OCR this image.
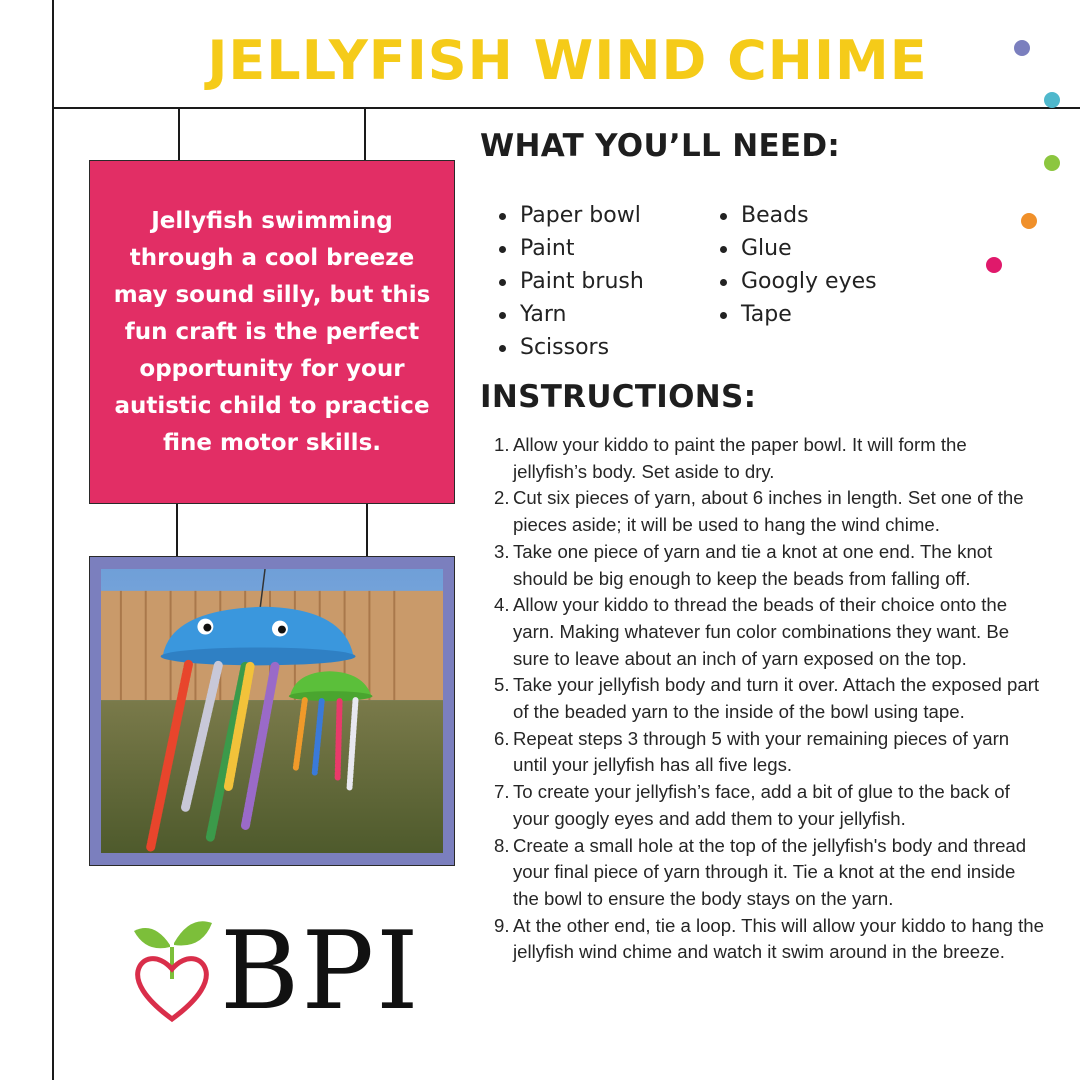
JELLYFISH WIND CHIME

Jellyfish swimming through a cool breeze may sound silly, but this fun craft is the perfect opportunity for your autistic child to practice fine motor skills.

BPI
WHAT YOU’LL NEED:
Paper bowl
Paint
Paint brush
Yarn
Scissors
Beads
Glue
Googly eyes
Tape
INSTRUCTIONS:
1. Allow your kiddo to paint the paper bowl. It will form the jellyfish’s body. Set aside to dry.
2. Cut six pieces of yarn, about 6 inches in length. Set one of the pieces aside; it will be used to hang the wind chime.
3. Take one piece of yarn and tie a knot at one end. The knot should be big enough to keep the beads from falling off.
4. Allow your kiddo to thread the beads of their choice onto the yarn. Making whatever fun color combinations they want. Be sure to leave about an inch of yarn exposed on the top.
5. Take your jellyfish body and turn it over. Attach the exposed part of the beaded yarn to the inside of the bowl using tape.
6. Repeat steps 3 through 5 with your remaining pieces of yarn until your jellyfish has all five legs.
7. To create your jellyfish’s face, add a bit of glue to the back of your googly eyes and add them to your jellyfish.
8. Create a small hole at the top of the jellyfish's body and thread your final piece of yarn through it. Tie a knot at the end inside the bowl to ensure the body stays on the yarn.
9. At the other end, tie a loop. This will allow your kiddo to hang the jellyfish wind chime and watch it swim around in the breeze.
